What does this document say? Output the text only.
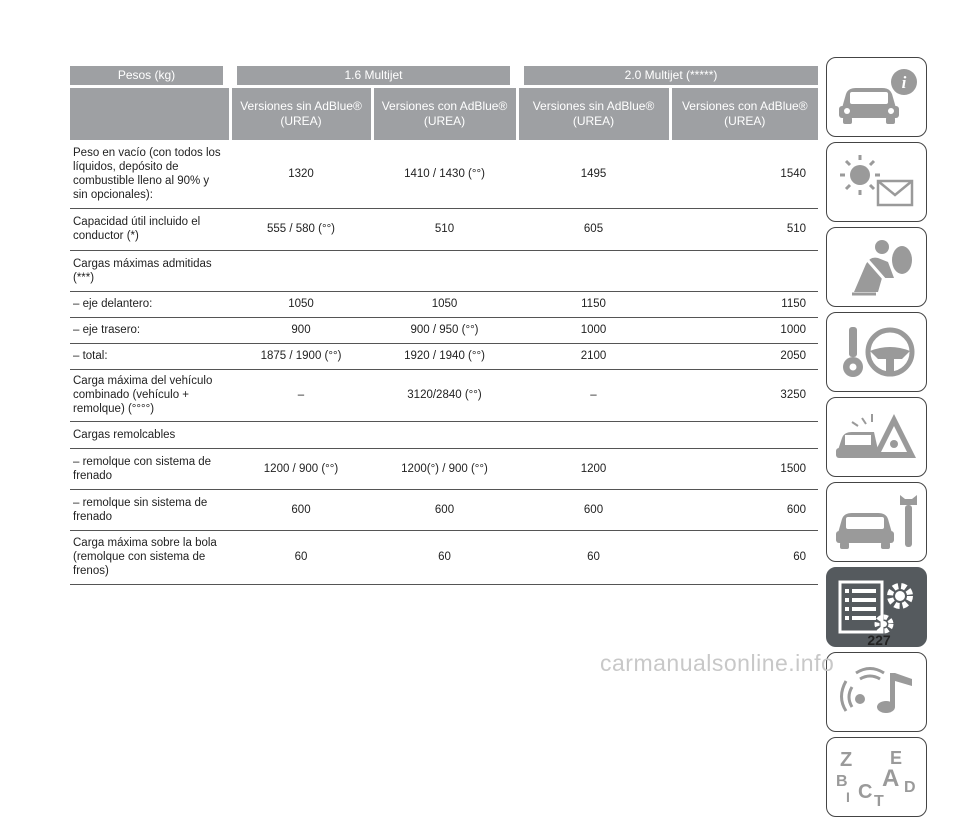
Pesos (kg)	1.6 Multijet		2.0 Multijet (*****)	
	Versiones sin AdBlue® (UREA)	Versiones con AdBlue® (UREA)	Versiones sin AdBlue® (UREA)	Versiones con AdBlue® (UREA)
Peso en vacío (con todos los líquidos, depósito de combustible lleno al 90% y sin opcionales):	1320	1410 / 1430 (°°)	1495	1540
Capacidad útil incluido el conductor (*)	555 / 580 (°°)	510	605	510
Cargas máximas admitidas (***)				
– eje delantero:	1050	1050	1150	1150
– eje trasero:	900	900 / 950 (°°)	1000	1000
– total:	1875 / 1900 (°°)	1920 / 1940 (°°)	2100	2050
Carga máxima del vehículo combinado (vehículo + remolque) (°°°°)	–	3120/2840 (°°)	–	3250
Cargas remolcables				
– remolque con sistema de frenado	1200 / 900 (°°)	1200(°) / 900 (°°)	1200	1500
– remolque sin sistema de frenado	600	600	600	600
Carga máxima sobre la bola (remolque con sistema de frenos)	60	60	60	60
i
Z E
A
B	D
C T
I
227
carmanualsonline.info
